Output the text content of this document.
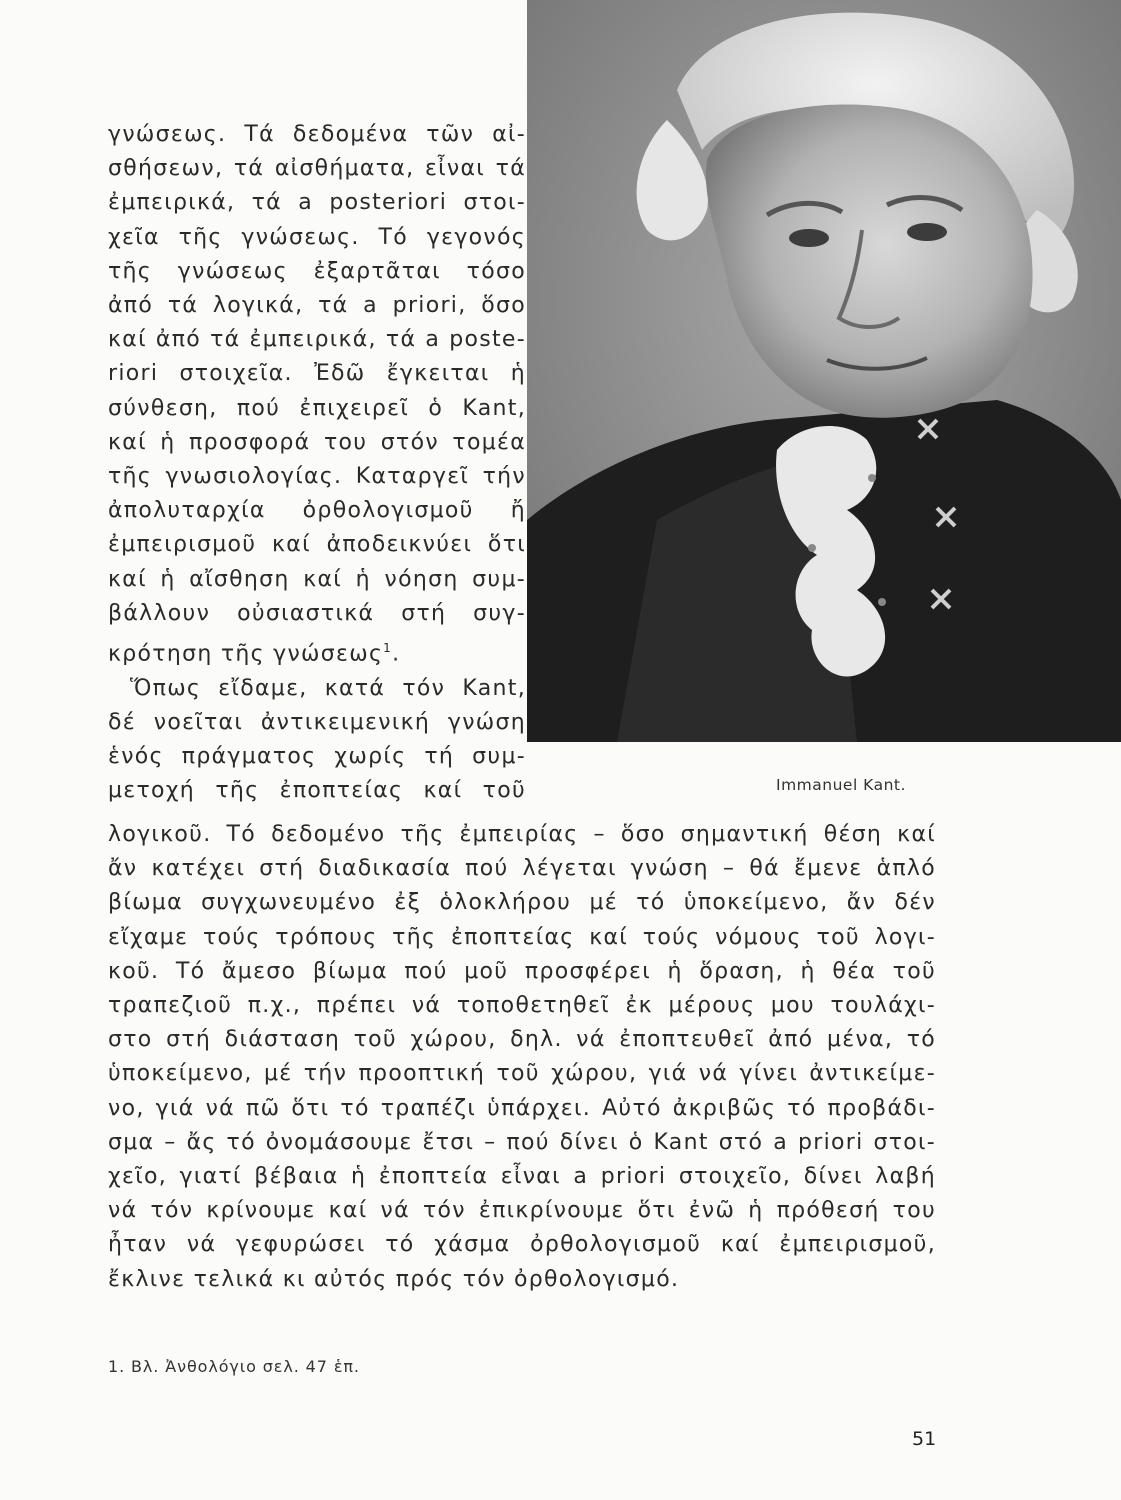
Immanuel Kant.
γνώσεως. Τά δεδομένα τῶν αἰ-
σθήσεων, τά αἰσθήματα, εἶναι τά
ἐμπειρικά, τά a posteriori στοι-
χεῖα τῆς γνώσεως. Τό γεγονός
τῆς γνώσεως ἐξαρτᾶται τόσο
ἀπό τά λογικά, τά a priori, ὅσο
καί ἀπό τά ἐμπειρικά, τά a poste-
riori στοιχεῖα. Ἐδῶ ἔγκειται ἡ
σύνθεση, πού ἐπιχειρεῖ ὁ Kant,
καί ἡ προσφορά του στόν τομέα
τῆς γνωσιολογίας. Καταργεῖ τήν
ἀπολυταρχία ὀρθολογισμοῦ ἤ
ἐμπειρισμοῦ καί ἀποδεικνύει ὅτι
καί ἡ αἴσθηση καί ἡ νόηση συμ-
βάλλουν οὐσιαστικά στή συγ-
κρότηση τῆς γνώσεως$^1$.
Ὅπως εἴδαμε, κατά τόν Kant,
δέ νοεῖται ἀντικειμενική γνώση
ἑνός πράγματος χωρίς τή συμ-
μετοχή τῆς ἐποπτείας καί τοῦ
λογικοῦ. Τό δεδομένο τῆς ἐμπειρίας – ὅσο σημαντική θέση καί
ἄν κατέχει στή διαδικασία πού λέγεται γνώση – θά ἔμενε ἁπλό
βίωμα συγχωνευμένο ἐξ ὁλοκλήρου μέ τό ὑποκείμενο, ἄν δέν
εἴχαμε τούς τρόπους τῆς ἐποπτείας καί τούς νόμους τοῦ λογι-
κοῦ. Τό ἄμεσο βίωμα πού μοῦ προσφέρει ἡ ὅραση, ἡ θέα τοῦ
τραπεζιοῦ π.χ., πρέπει νά τοποθετηθεῖ ἐκ μέρους μου τουλάχι-
στο στή διάσταση τοῦ χώρου, δηλ. νά ἐποπτευθεῖ ἀπό μένα, τό
ὑποκείμενο, μέ τήν προοπτική τοῦ χώρου, γιά νά γίνει ἀντικείμε-
νο, γιά νά πῶ ὅτι τό τραπέζι ὑπάρχει. Αὐτό ἀκριβῶς τό προβάδι-
σμα – ἄς τό ὀνομάσουμε ἔτσι – πού δίνει ὁ Kant στό a priori στοι-
χεῖο, γιατί βέβαια ἡ ἐποπτεία εἶναι a priori στοιχεῖο, δίνει λαβή
νά τόν κρίνουμε καί νά τόν ἐπικρίνουμε ὅτι ἐνῶ ἡ πρόθεσή του
ἦταν νά γεφυρώσει τό χάσμα ὀρθολογισμοῦ καί ἐμπειρισμοῦ,
ἔκλινε τελικά κι αὐτός πρός τόν ὀρθολογισμό.
1. Βλ. Ἀνθολόγιο σελ. 47 ἑπ.
51
